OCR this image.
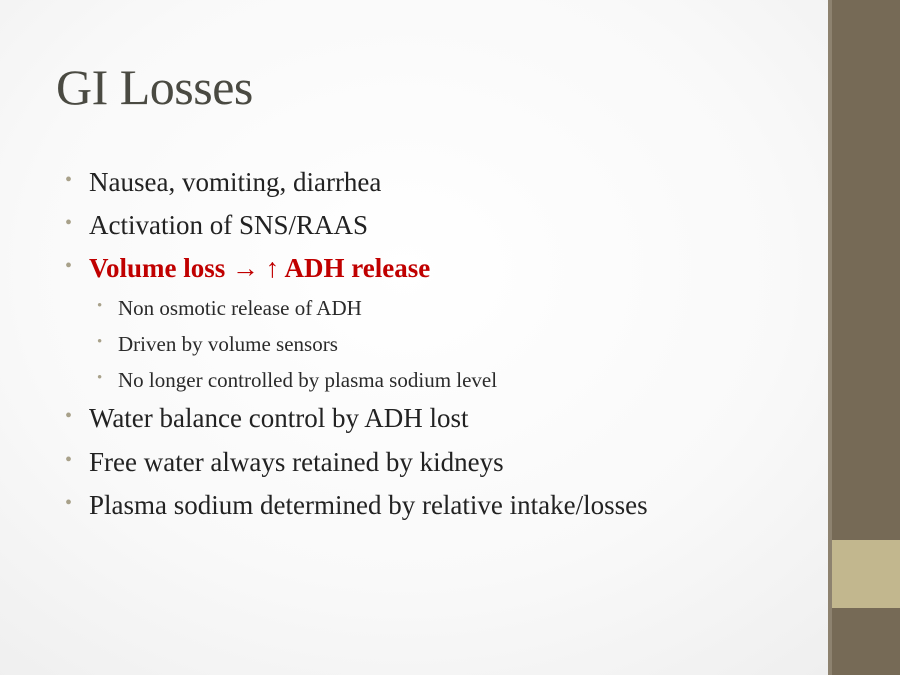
GI Losses
• Nausea, vomiting, diarrhea
• Activation of SNS/RAAS
• Volume loss → ↑ ADH release
• Non osmotic release of ADH
• Driven by volume sensors
• No longer controlled by plasma sodium level
• Water balance control by ADH lost
• Free water always retained by kidneys
• Plasma sodium determined by relative intake/losses
